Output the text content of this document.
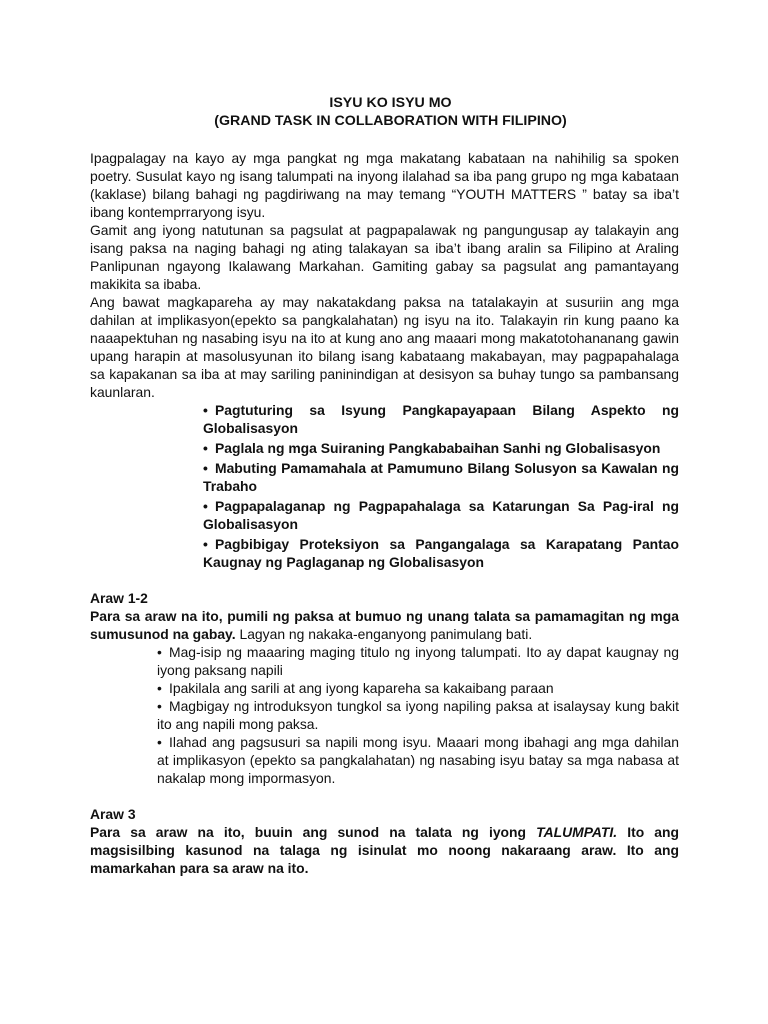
ISYU KO ISYU MO
(GRAND TASK IN COLLABORATION WITH FILIPINO)

Ipagpalagay na kayo ay mga pangkat ng mga makatang kabataan na nahihilig sa spoken poetry. Susulat kayo ng isang talumpati na inyong ilalahad sa iba pang grupo ng mga kabataan (kaklase) bilang bahagi ng pagdiriwang na may temang “YOUTH MATTERS ” batay sa iba’t ibang kontemprraryong isyu.

Gamit ang iyong natutunan sa pagsulat at pagpapalawak ng pangungusap ay talakayin ang isang paksa na naging bahagi ng ating talakayan sa iba’t ibang aralin sa Filipino at Araling Panlipunan ngayong Ikalawang Markahan. Gamiting gabay sa pagsulat ang pamantayang makikita sa ibaba.

Ang bawat magkapareha ay may nakatakdang paksa na tatalakayin at susuriin ang mga dahilan at implikasyon(epekto sa pangkalahatan) ng isyu na ito. Talakayin rin kung paano ka naaapektuhan ng nasabing isyu na ito at kung ano ang maaari mong makatotohananang gawin upang harapin at masolusyunan ito bilang isang kabataang makabayan, may pagpapahalaga sa kapakanan sa iba at may sariling paninindigan at desisyon sa buhay tungo sa pambansang kaunlaran.

• Pagtuturing sa Isyung Pangkapayapaan Bilang Aspekto ng Globalisasyon
• Paglala ng mga Suiraning Pangkababaihan Sanhi ng Globalisasyon
• Mabuting Pamamahala at Pamumuno Bilang Solusyon sa Kawalan ng Trabaho
• Pagpapalaganap ng Pagpapahalaga sa Katarungan Sa Pag-iral ng Globalisasyon
• Pagbibigay Proteksiyon sa Pangangalaga sa Karapatang Pantao Kaugnay ng Paglaganap ng Globalisasyon
Araw 1-2

Para sa araw na ito, pumili ng paksa at bumuo ng unang talata sa pamamagitan ng mga sumusunod na gabay. Lagyan ng nakaka-enganyong panimulang bati.

• Mag-isip ng maaaring maging titulo ng inyong talumpati. Ito ay dapat kaugnay ng iyong paksang napili
• Ipakilala ang sarili at ang iyong kapareha sa kakaibang paraan
• Magbigay ng introduksyon tungkol sa iyong napiling paksa at isalaysay kung bakit ito ang napili mong paksa.
• Ilahad ang pagsusuri sa napili mong isyu. Maaari mong ibahagi ang mga dahilan at implikasyon (epekto sa pangkalahatan) ng nasabing isyu batay sa mga nabasa at nakalap mong impormasyon.
Araw 3

Para sa araw na ito, buuin ang sunod na talata ng iyong TALUMPATI. Ito ang magsisilbing kasunod na talaga ng isinulat mo noong nakaraang araw. Ito ang mamarkahan para sa araw na ito.
